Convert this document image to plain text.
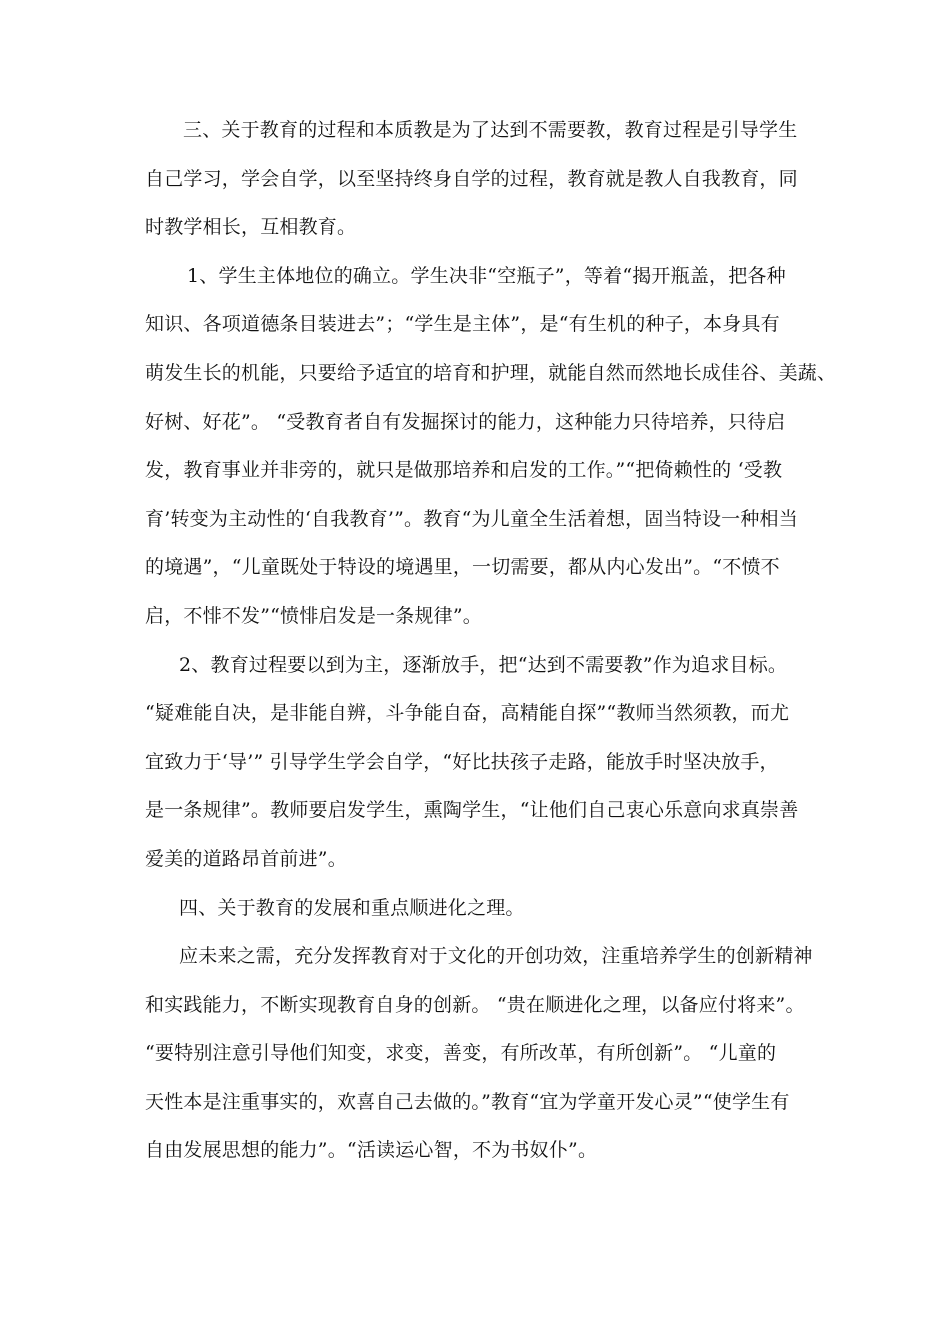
三、关于教育的过程和本质教是为了达到不需要教，教育过程是引导学生
自己学习，学会自学，以至坚持终身自学的过程，教育就是教人自我教育，同
时教学相长，互相教育。
1、学生主体地位的确立。学生决非“空瓶子”，等着“揭开瓶盖，把各种
知识、各项道德条目装进去”；“学生是主体”，是“有生机的种子，本身具有
萌发生长的机能，只要给予适宜的培育和护理，就能自然而然地长成佳谷、美蔬、
好树、好花”。 “受教育者自有发掘探讨的能力，这种能力只待培养，只待启
发，教育事业并非旁的，就只是做那培养和启发的工作。”“把倚赖性的 ‘受教
育’转变为主动性的‘自我教育’”。教育“为儿童全生活着想，固当特设一种相当
的境遇”，“儿童既处于特设的境遇里，一切需要，都从内心发出”。“不愤不
启，不悱不发”“愤悱启发是一条规律”。
2、教育过程要以到为主，逐渐放手，把“达到不需要教”作为追求目标。
“疑难能自决，是非能自辨，斗争能自奋，高精能自探”“教师当然须教，而尤
宜致力于‘导’” 引导学生学会自学，“好比扶孩子走路，能放手时坚决放手，
是一条规律”。教师要启发学生，熏陶学生，“让他们自己衷心乐意向求真崇善
爱美的道路昂首前进”。
四、关于教育的发展和重点顺进化之理。
应未来之需，充分发挥教育对于文化的开创功效，注重培养学生的创新精神
和实践能力，不断实现教育自身的创新。 “贵在顺进化之理，以备应付将来”。
“要特别注意引导他们知变，求变，善变，有所改革，有所创新”。 “儿童的
天性本是注重事实的，欢喜自己去做的。”教育“宜为学童开发心灵”“使学生有
自由发展思想的能力”。“活读运心智，不为书奴仆”。
